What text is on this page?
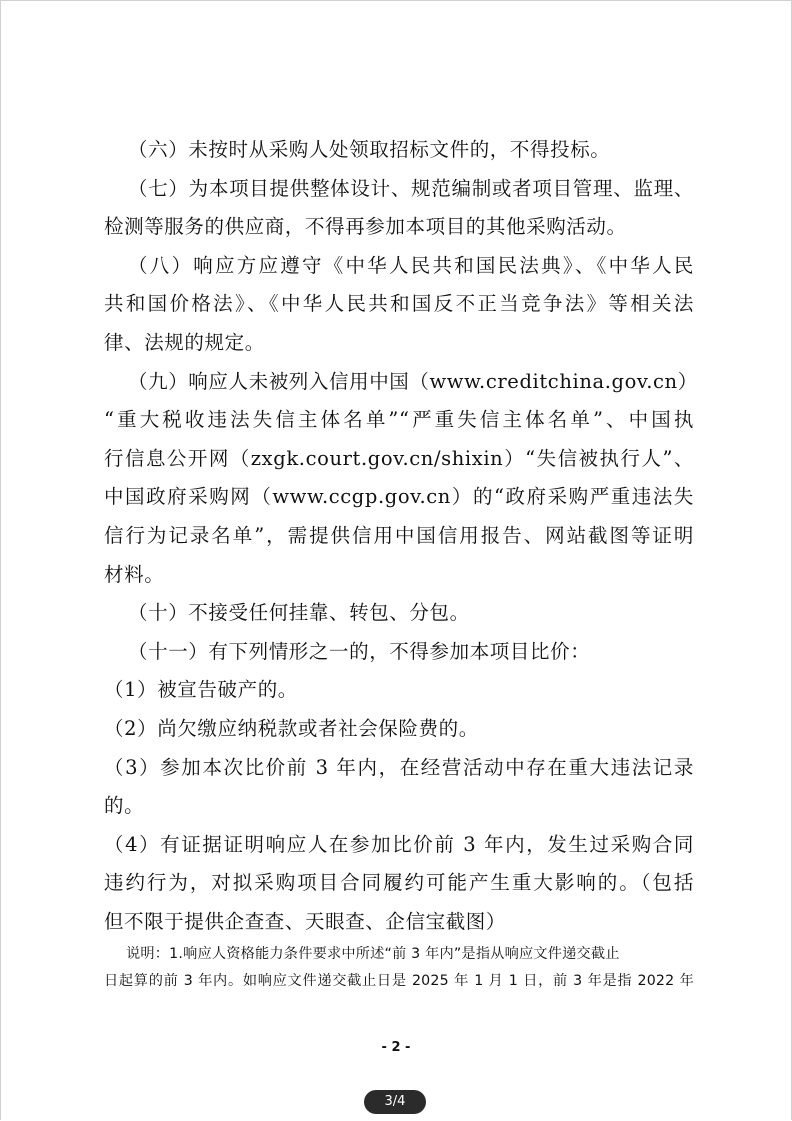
（六）未按时从采购人处领取招标文件的，不得投标。
（七）为本项目提供整体设计、规范编制或者项目管理、监理、
检测等服务的供应商，不得再参加本项目的其他采购活动。
（八）响应方应遵守《中华人民共和国民法典》、《中华人民
共和国价格法》、《中华人民共和国反不正当竞争法》等相关法
律、法规的规定。
（九）响应人未被列入信用中国（www.creditchina.gov.cn）
“重大税收违法失信主体名单”“严重失信主体名单”、中国执
行信息公开网（zxgk.court.gov.cn/shixin）“失信被执行人”、
中国政府采购网（www.ccgp.gov.cn）的“政府采购严重违法失
信行为记录名单”，需提供信用中国信用报告、网站截图等证明
材料。
（十）不接受任何挂靠、转包、分包。
（十一）有下列情形之一的，不得参加本项目比价：
（1）被宣告破产的。
（2）尚欠缴应纳税款或者社会保险费的。
（3）参加本次比价前 3 年内，在经营活动中存在重大违法记录
的。
（4）有证据证明响应人在参加比价前 3 年内，发生过采购合同
违约行为，对拟采购项目合同履约可能产生重大影响的。（包括
但不限于提供企查查、天眼查、企信宝截图）
说明：1.响应人资格能力条件要求中所述“前 3 年内”是指从响应文件递交截止
日起算的前 3 年内。如响应文件递交截止日是 2025 年 1 月 1 日，前 3 年是指 2022 年
- 2 -
3/4
